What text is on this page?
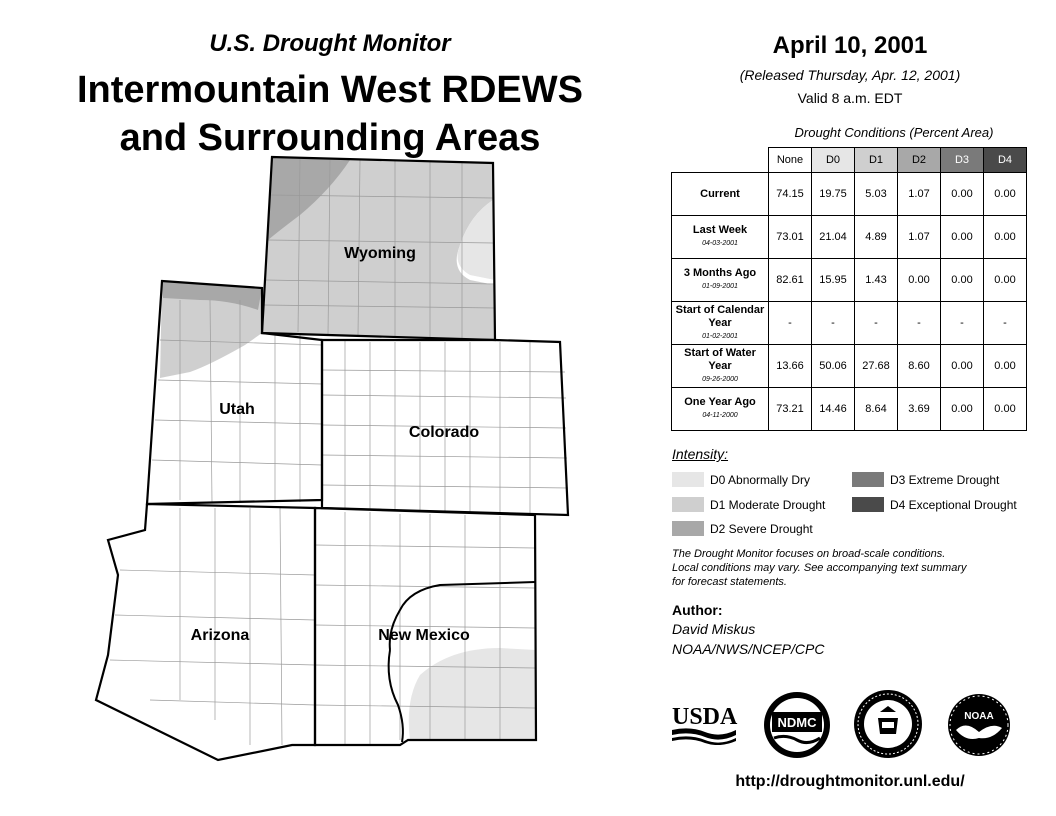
U.S. Drought Monitor
Intermountain West RDEWS
and Surrounding Areas
April 10, 2001
(Released Thursday, Apr. 12, 2001)
Valid 8 a.m. EDT
Wyoming
Utah
Colorado
Arizona	New Mexico
Drought Conditions (Percent Area)
	None	D0	D1	D2	D3	D4
Current	74.15	19.75	5.03	1.07	0.00	0.00
Last Week
04-03-2001	73.01	21.04	4.89	1.07	0.00	0.00
3 Months Ago
01-09-2001	82.61	15.95	1.43	0.00	0.00	0.00
Start of Calendar Year
01-02-2001	-	-	-	-	-	-
Start of Water Year
09-26-2000	13.66	50.06	27.68	8.60	0.00	0.00
One Year Ago
04-11-2000	73.21	14.46	8.64	3.69	0.00	0.00
Intensity:
D0 Abnormally Dry
D1 Moderate Drought
D2 Severe Drought
D3 Extreme Drought
D4 Exceptional Drought
The Drought Monitor focuses on broad-scale conditions.
Local conditions may vary. See accompanying text summary
for forecast statements.
Author:
David Miskus
NOAA/NWS/NCEP/CPC
USDA	NDMC	NOAA
http://droughtmonitor.unl.edu/
